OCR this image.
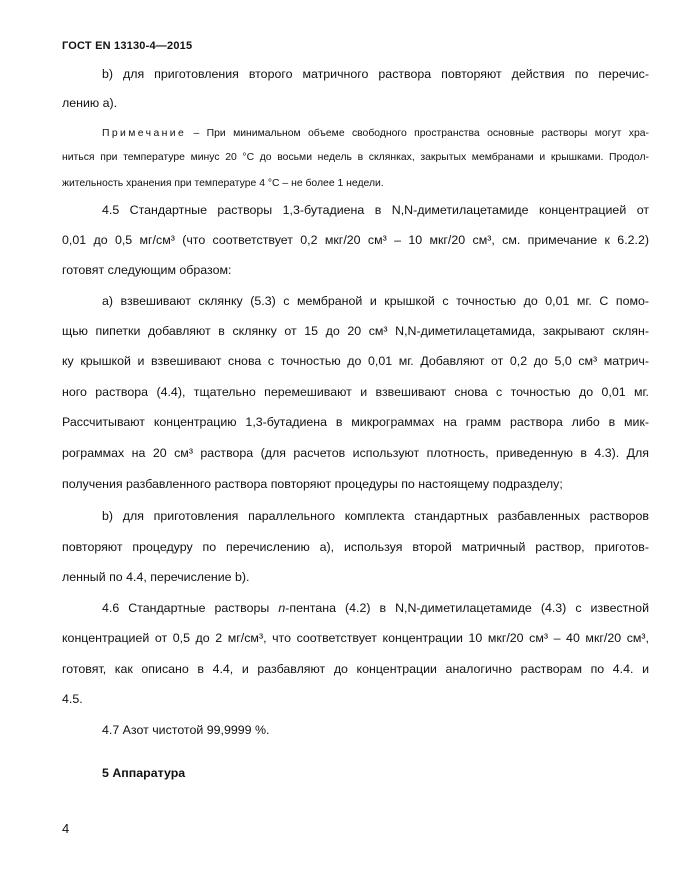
ГОСТ EN 13130-4—2015
b) для приготовления второго матричного раствора повторяют действия по перечис-
лению а).
Примечание – При минимальном объеме свободного пространства основные растворы могут хра-
ниться при температуре минус 20 °C до восьми недель в склянках, закрытых мембранами и крышками. Продол-
жительность хранения при температуре 4 °C – не более 1 недели.
4.5 Стандартные растворы 1,3-бутадиена в N,N-диметилацетамиде концентрацией от
0,01 до 0,5 мг/см³ (что соответствует 0,2 мкг/20 см³ – 10 мкг/20 см³, см. примечание к 6.2.2)
готовят следующим образом:
a) взвешивают склянку (5.3) с мембраной и крышкой с точностью до 0,01 мг. С помо-
щью пипетки добавляют в склянку от 15 до 20 см³ N,N-диметилацетамида, закрывают склян-
ку крышкой и взвешивают снова с точностью до 0,01 мг. Добавляют от 0,2 до 5,0 см³ матрич-
ного раствора (4.4), тщательно перемешивают и взвешивают снова с точностью до 0,01 мг.
Рассчитывают концентрацию 1,3-бутадиена в микрограммах на грамм раствора либо в мик-
рограммах на 20 см³ раствора (для расчетов используют плотность, приведенную в 4.3). Для
получения разбавленного раствора повторяют процедуры по настоящему подразделу;
b) для приготовления параллельного комплекта стандартных разбавленных растворов
повторяют процедуру по перечислению а), используя второй матричный раствор, приготов-
ленный по 4.4, перечисление b).
4.6 Стандартные растворы n-пентана (4.2) в N,N-диметилацетамиде (4.3) с известной
концентрацией от 0,5 до 2 мг/см³, что соответствует концентрации 10 мкг/20 см³ – 40 мкг/20 см³,
готовят, как описано в 4.4, и разбавляют до концентрации аналогично растворам по 4.4. и
4.5.
4.7 Азот чистотой 99,9999 %.
5 Аппаратура
4
